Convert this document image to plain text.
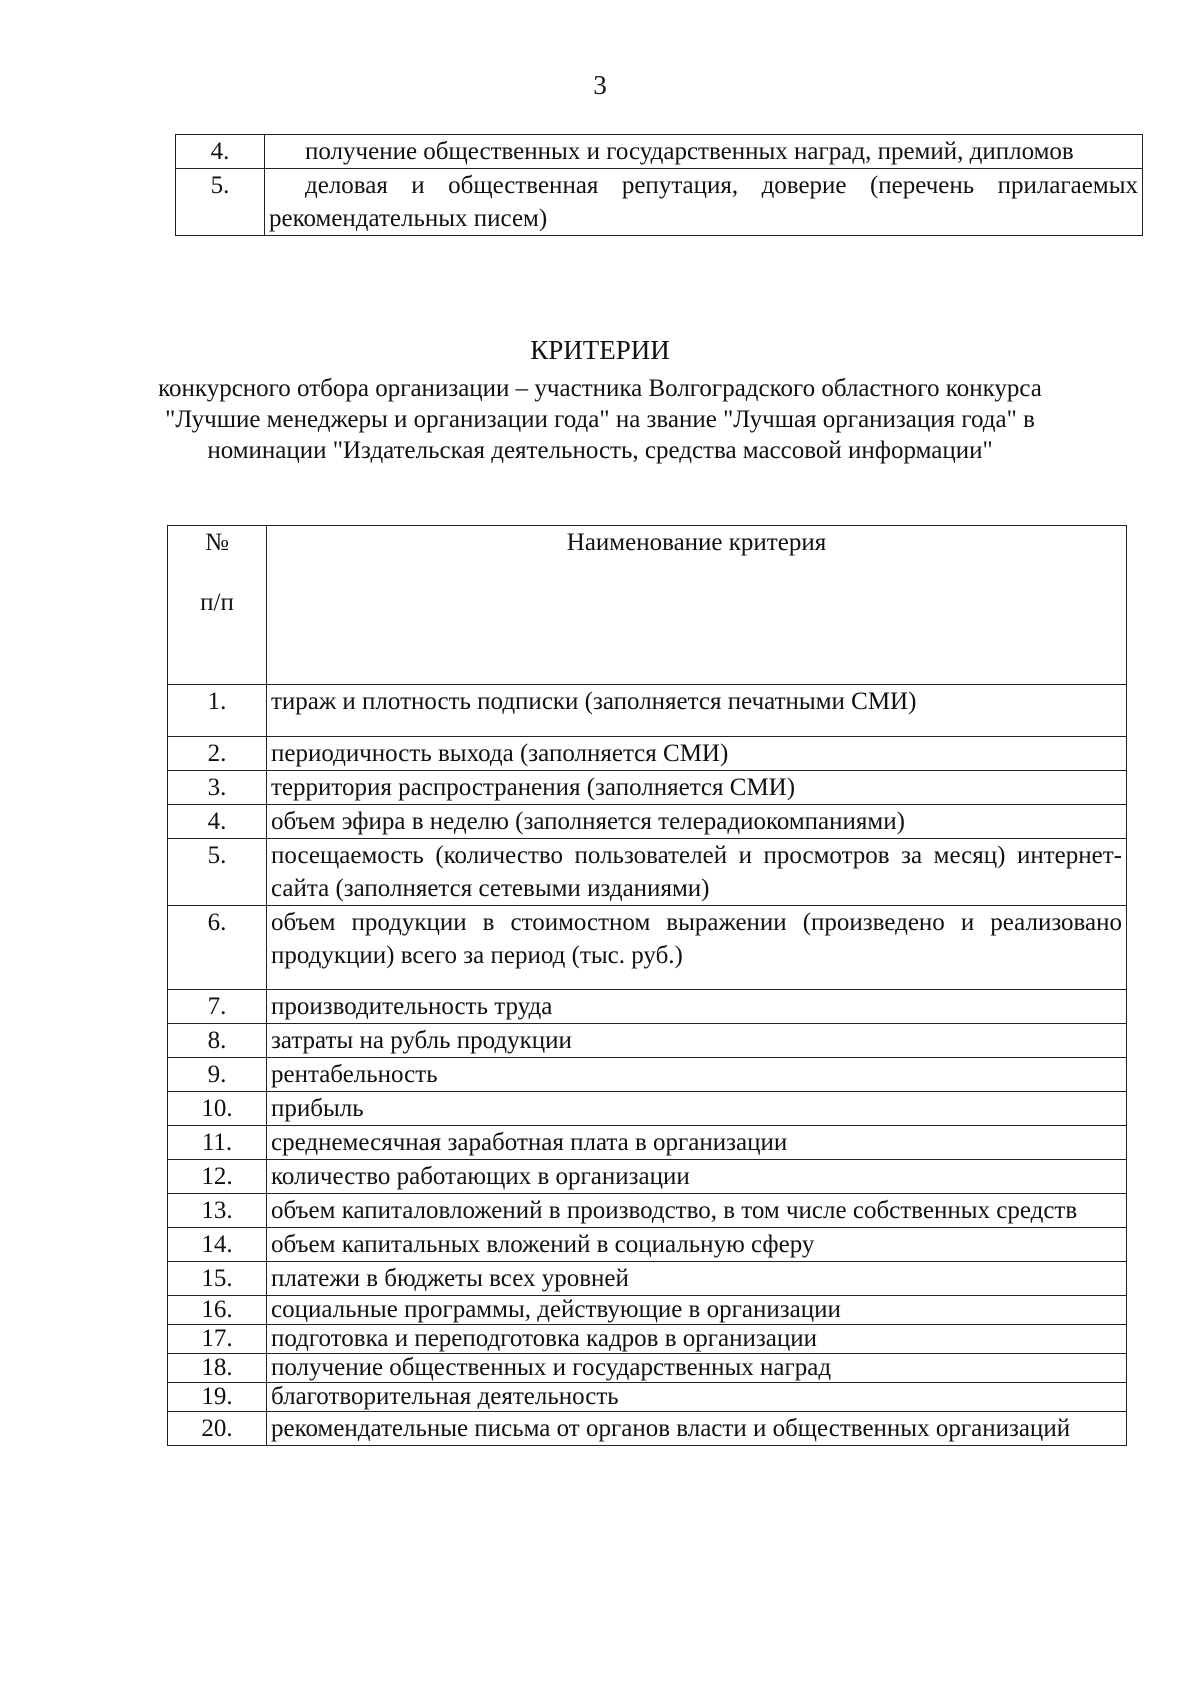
3
4.	получение общественных и государственных наград, премий, дипломов
5.	деловая и общественная репутация, доверие (перечень прилагаемых рекомендательных писем)
КРИТЕРИИ
конкурсного отбора организации – участника Волгоградского областного конкурса "Лучшие менеджеры и организации года" на звание "Лучшая организация года" в номинации "Издательская деятельность, средства массовой информации"
№
п/п	Наименование критерия
1.	тираж и плотность подписки (заполняется печатными СМИ)
2.	периодичность выхода (заполняется СМИ)
3.	территория распространения (заполняется СМИ)
4.	объем эфира в неделю (заполняется телерадиокомпаниями)
5.	посещаемость (количество пользователей и просмотров за месяц) интернет-сайта (заполняется сетевыми изданиями)
6.	объем продукции в стоимостном выражении (произведено и реализовано продукции) всего за период (тыс. руб.)
7.	производительность труда
8.	затраты на рубль продукции
9.	рентабельность
10.	прибыль
11.	среднемесячная заработная плата в организации
12.	количество работающих в организации
13.	объем капиталовложений в производство, в том числе собственных средств
14.	объем капитальных вложений в социальную сферу
15.	платежи в бюджеты всех уровней
16.	социальные программы, действующие в организации
17.	подготовка и переподготовка кадров в организации
18.	получение общественных и государственных наград
19.	благотворительная деятельность
20.	рекомендательные письма от органов власти и общественных организаций
